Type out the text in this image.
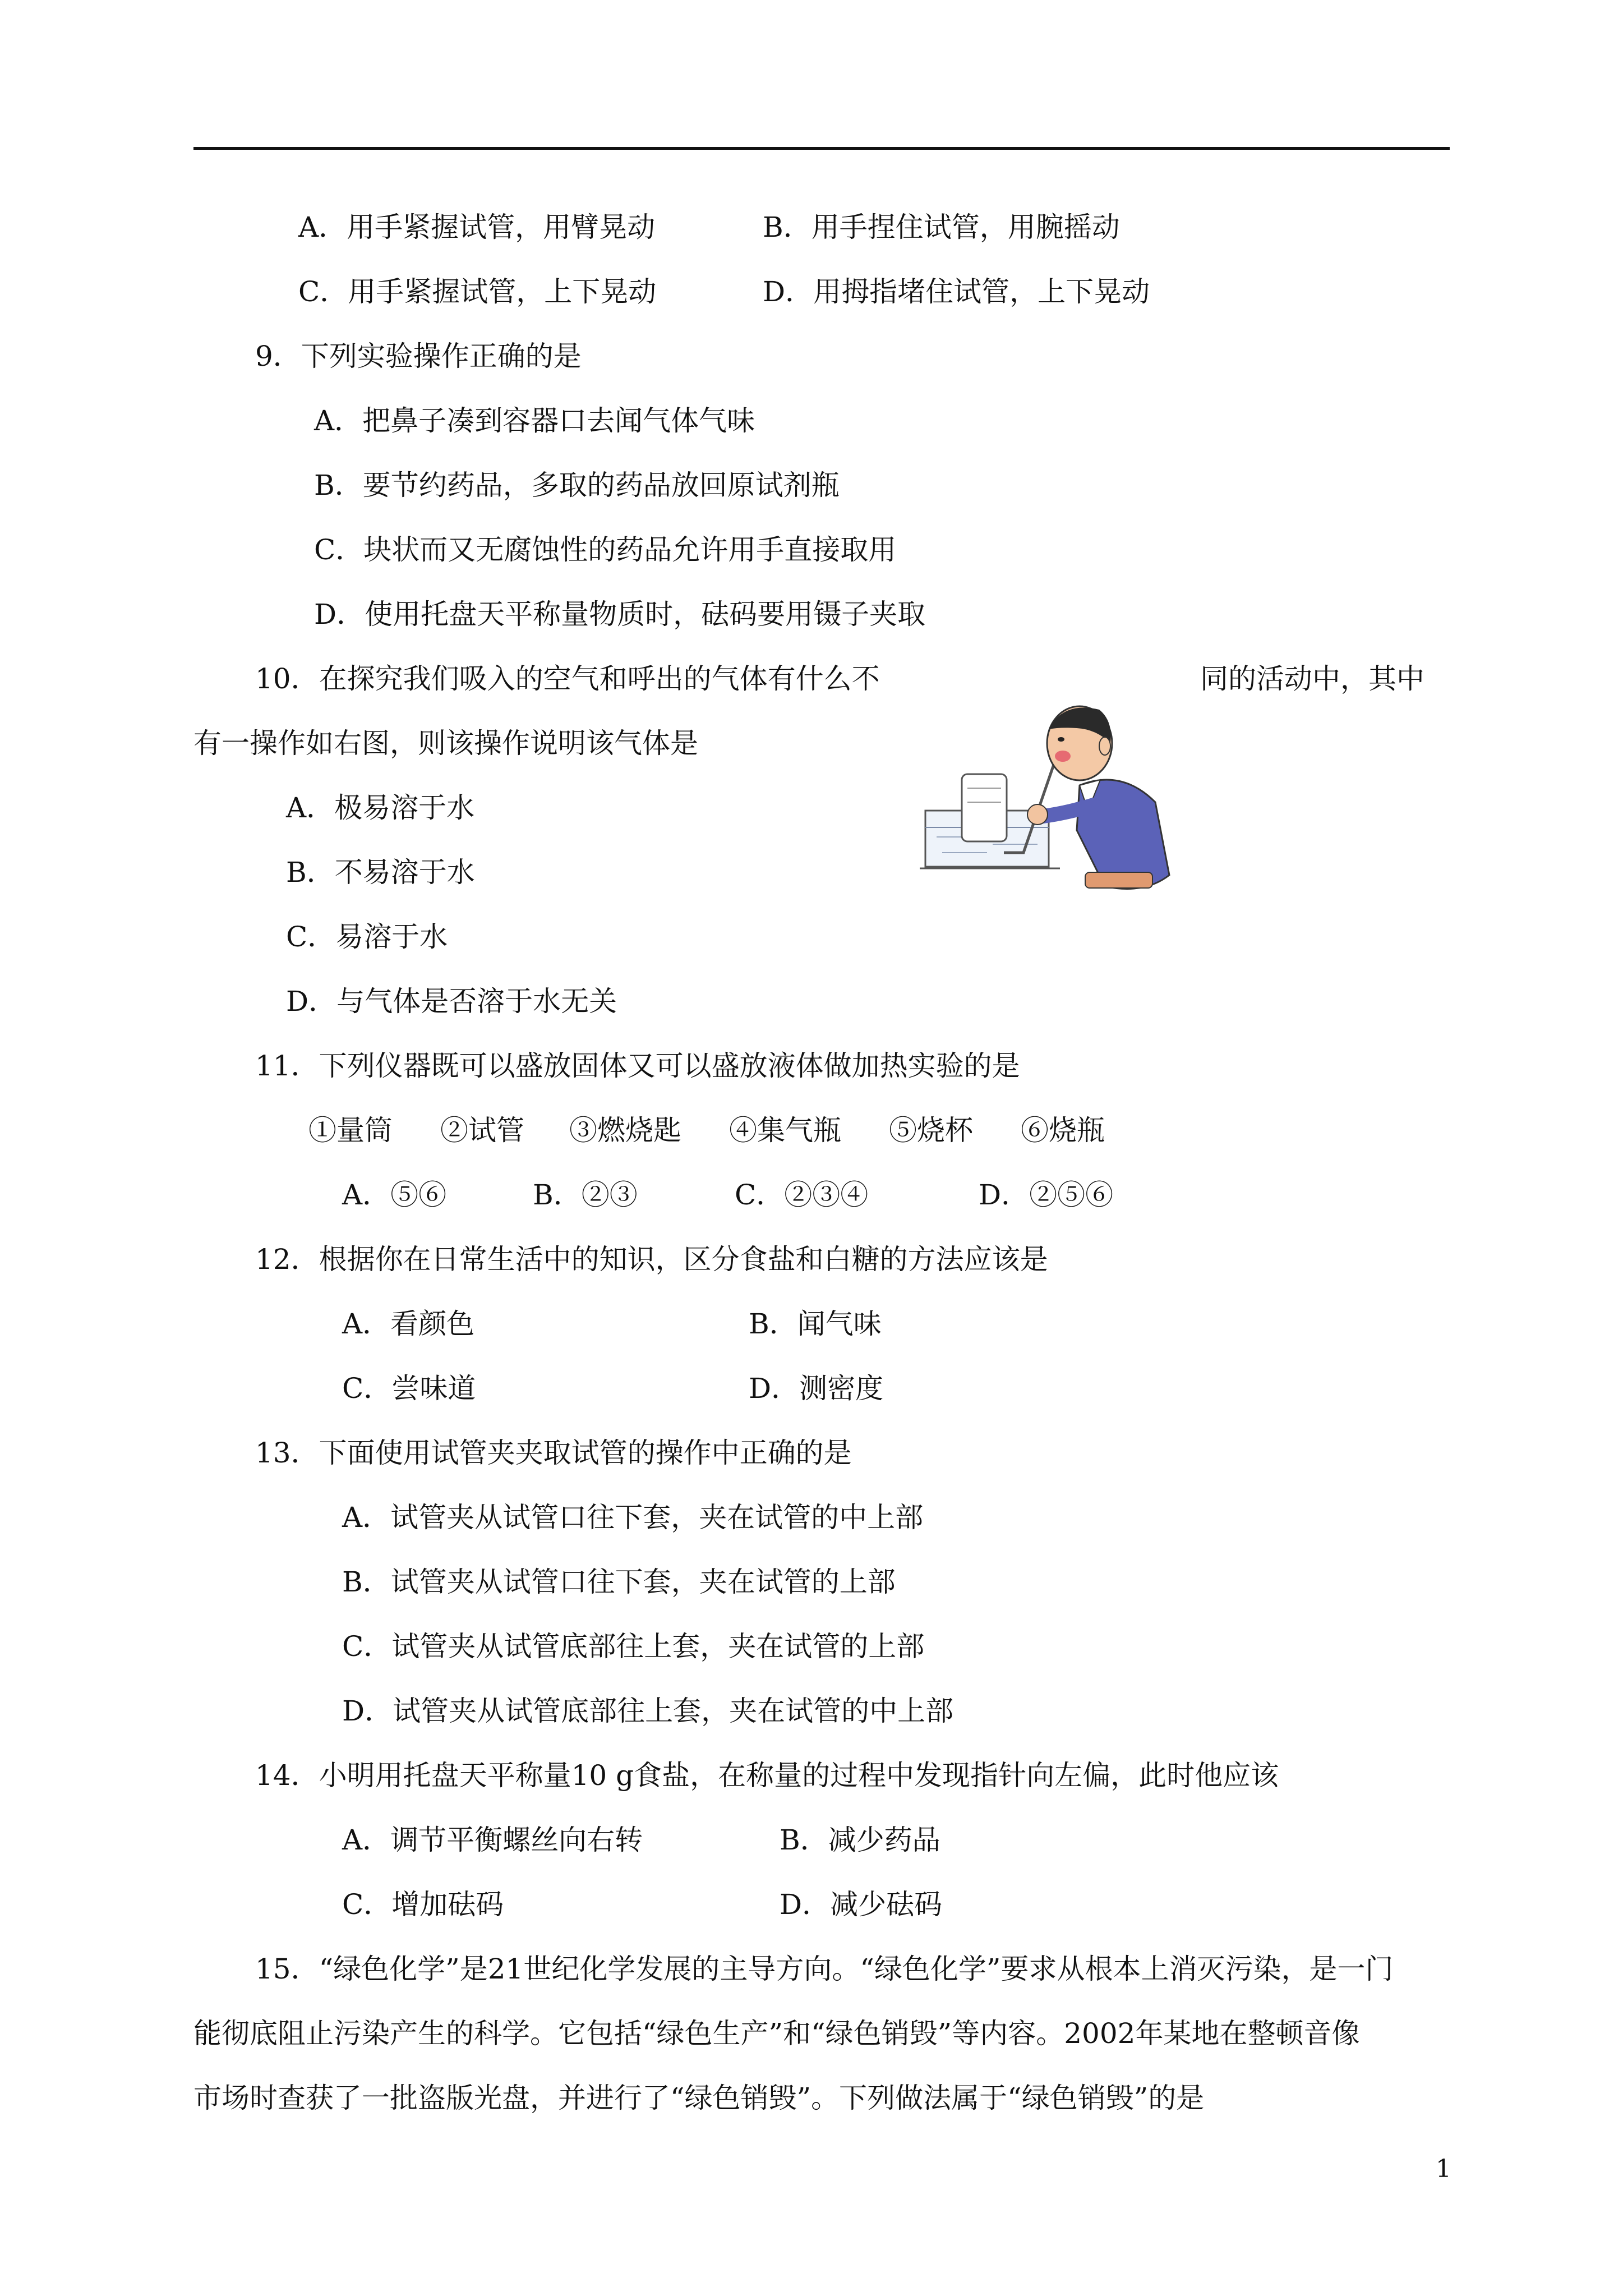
A．用手紧握试管，用臂晃动	B．用手捏住试管，用腕摇动
C．用手紧握试管，上下晃动	D．用拇指堵住试管，上下晃动
9．下列实验操作正确的是
A．把鼻子凑到容器口去闻气体气味
B．要节约药品，多取的药品放回原试剂瓶
C．块状而又无腐蚀性的药品允许用手直接取用
D．使用托盘天平称量物质时，砝码要用镊子夹取
10．在探究我们吸入的空气和呼出的气体有什么不	同的活动中，其中
有一操作如右图，则该操作说明该气体是
A．极易溶于水
B．不易溶于水
C．易溶于水
D．与气体是否溶于水无关
11．下列仪器既可以盛放固体又可以盛放液体做加热实验的是
①量筒 ②试管 ③燃烧匙 ④集气瓶 ⑤烧杯 ⑥烧瓶
A．⑤⑥	B．②③	C．②③④	D．②⑤⑥
12．根据你在日常生活中的知识，区分食盐和白糖的方法应该是
A．看颜色	B．闻气味
C．尝味道	D．测密度
13．下面使用试管夹夹取试管的操作中正确的是
A．试管夹从试管口往下套，夹在试管的中上部
B．试管夹从试管口往下套，夹在试管的上部
C．试管夹从试管底部往上套，夹在试管的上部
D．试管夹从试管底部往上套，夹在试管的中上部
14．小明用托盘天平称量10 g食盐，在称量的过程中发现指针向左偏，此时他应该
A．调节平衡螺丝向右转	B．减少药品
C．增加砝码	D．减少砝码
15．“绿色化学”是21世纪化学发展的主导方向。“绿色化学”要求从根本上消灭污染，是一门
能彻底阻止污染产生的科学。它包括“绿色生产”和“绿色销毁”等内容。2002年某地在整顿音像
市场时查获了一批盗版光盘，并进行了“绿色销毁”。下列做法属于“绿色销毁”的是
1
